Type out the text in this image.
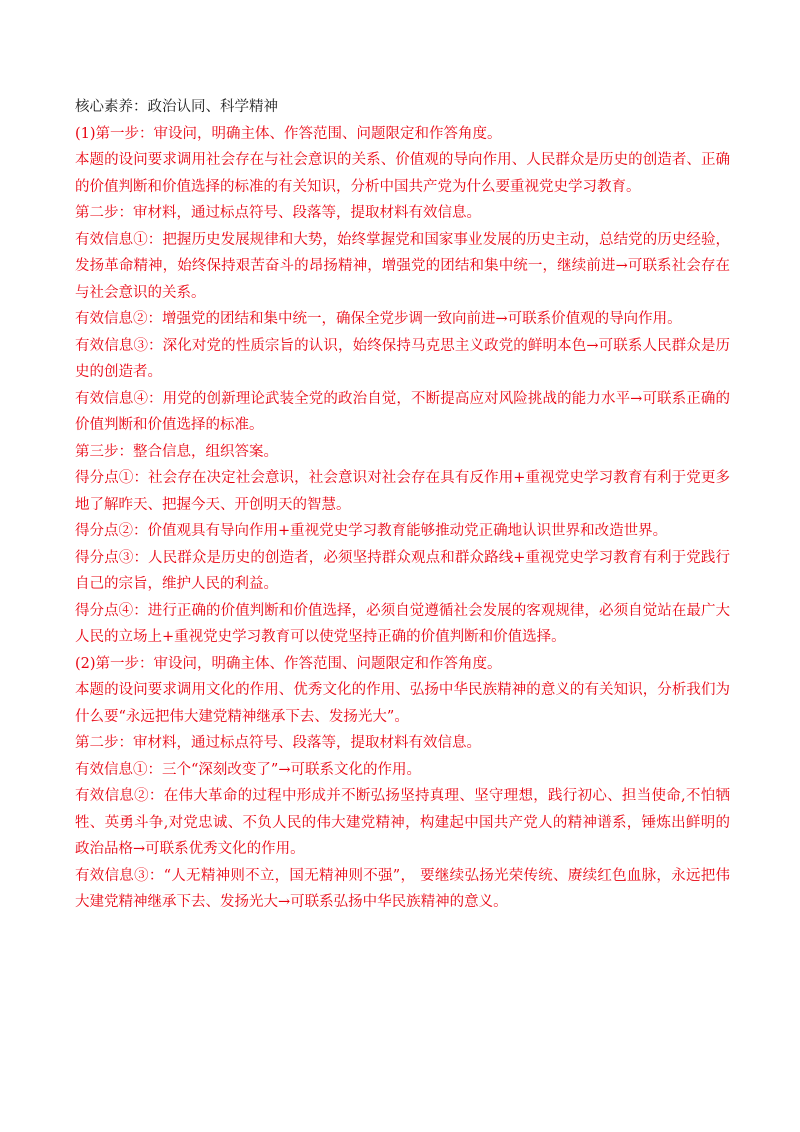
核心素养：政治认同、科学精神

(1)第一步：审设问，明确主体、作答范围、问题限定和作答角度。

本题的设问要求调用社会存在与社会意识的关系、价值观的导向作用、人民群众是历史的创造者、正确的价值判断和价值选择的标准的有关知识，分析中国共产党为什么要重视党史学习教育。

第二步：审材料，通过标点符号、段落等，提取材料有效信息。

有效信息①：把握历史发展规律和大势，始终掌握党和国家事业发展的历史主动，总结党的历史经验，发扬革命精神，始终保持艰苦奋斗的昂扬精神，增强党的团结和集中统一，继续前进→可联系社会存在与社会意识的关系。

有效信息②：增强党的团结和集中统一，确保全党步调一致向前进→可联系价值观的导向作用。

有效信息③：深化对党的性质宗旨的认识，始终保持马克思主义政党的鲜明本色→可联系人民群众是历史的创造者。

有效信息④：用党的创新理论武装全党的政治自觉，不断提高应对风险挑战的能力水平→可联系正确的价值判断和价值选择的标准。

第三步：整合信息，组织答案。

得分点①：社会存在决定社会意识，社会意识对社会存在具有反作用+重视党史学习教育有利于党更多地了解昨天、把握今天、开创明天的智慧。

得分点②：价值观具有导向作用+重视党史学习教育能够推动党正确地认识世界和改造世界。

得分点③：人民群众是历史的创造者，必须坚持群众观点和群众路线+重视党史学习教育有利于党践行自己的宗旨，维护人民的利益。

得分点④：进行正确的价值判断和价值选择，必须自觉遵循社会发展的客观规律，必须自觉站在最广大人民的立场上+重视党史学习教育可以使党坚持正确的价值判断和价值选择。

(2)第一步：审设问，明确主体、作答范围、问题限定和作答角度。

本题的设问要求调用文化的作用、优秀文化的作用、弘扬中华民族精神的意义的有关知识，分析我们为什么要“永远把伟大建党精神继承下去、发扬光大”。

第二步：审材料，通过标点符号、段落等，提取材料有效信息。

有效信息①：三个“深刻改变了”→可联系文化的作用。

有效信息②：在伟大革命的过程中形成并不断弘扬坚持真理、坚守理想，践行初心、担当使命,不怕牺牲、英勇斗争,对党忠诚、不负人民的伟大建党精神，构建起中国共产党人的精神谱系，锤炼出鲜明的政治品格→可联系优秀文化的作用。

有效信息③：“人无精神则不立，国无精神则不强”， 要继续弘扬光荣传统、赓续红色血脉，永远把伟大建党精神继承下去、发扬光大→可联系弘扬中华民族精神的意义。
